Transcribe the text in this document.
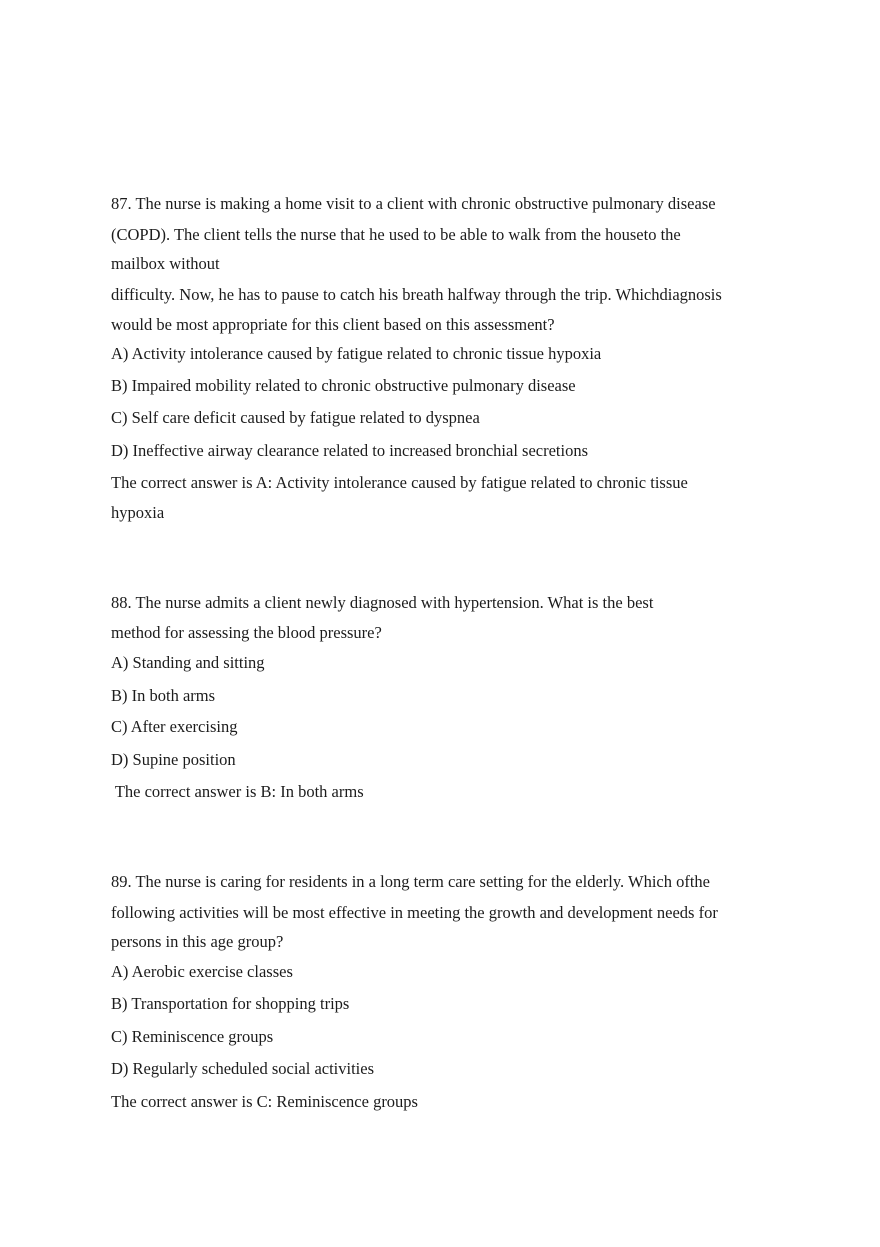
87. The nurse is making a home visit to a client with chronic obstructive pulmonary disease
(COPD). The client tells the nurse that he used to be able to walk from the houseto the
mailbox without
difficulty. Now, he has to pause to catch his breath halfway through the trip. Whichdiagnosis
would be most appropriate for this client based on this assessment?
A) Activity intolerance caused by fatigue related to chronic tissue hypoxia
B) Impaired mobility related to chronic obstructive pulmonary disease
C) Self care deficit caused by fatigue related to dyspnea
D) Ineffective airway clearance related to increased bronchial secretions
The correct answer is A: Activity intolerance caused by fatigue related to chronic tissue
hypoxia
88. The nurse admits a client newly diagnosed with hypertension. What is the best
method for assessing the blood pressure?
A) Standing and sitting
B) In both arms
C) After exercising
D) Supine position
The correct answer is B: In both arms
89. The nurse is caring for residents in a long term care setting for the elderly. Which ofthe
following activities will be most effective in meeting the growth and development needs for
persons in this age group?
A) Aerobic exercise classes
B) Transportation for shopping trips
C) Reminiscence groups
D) Regularly scheduled social activities
The correct answer is C: Reminiscence groups
